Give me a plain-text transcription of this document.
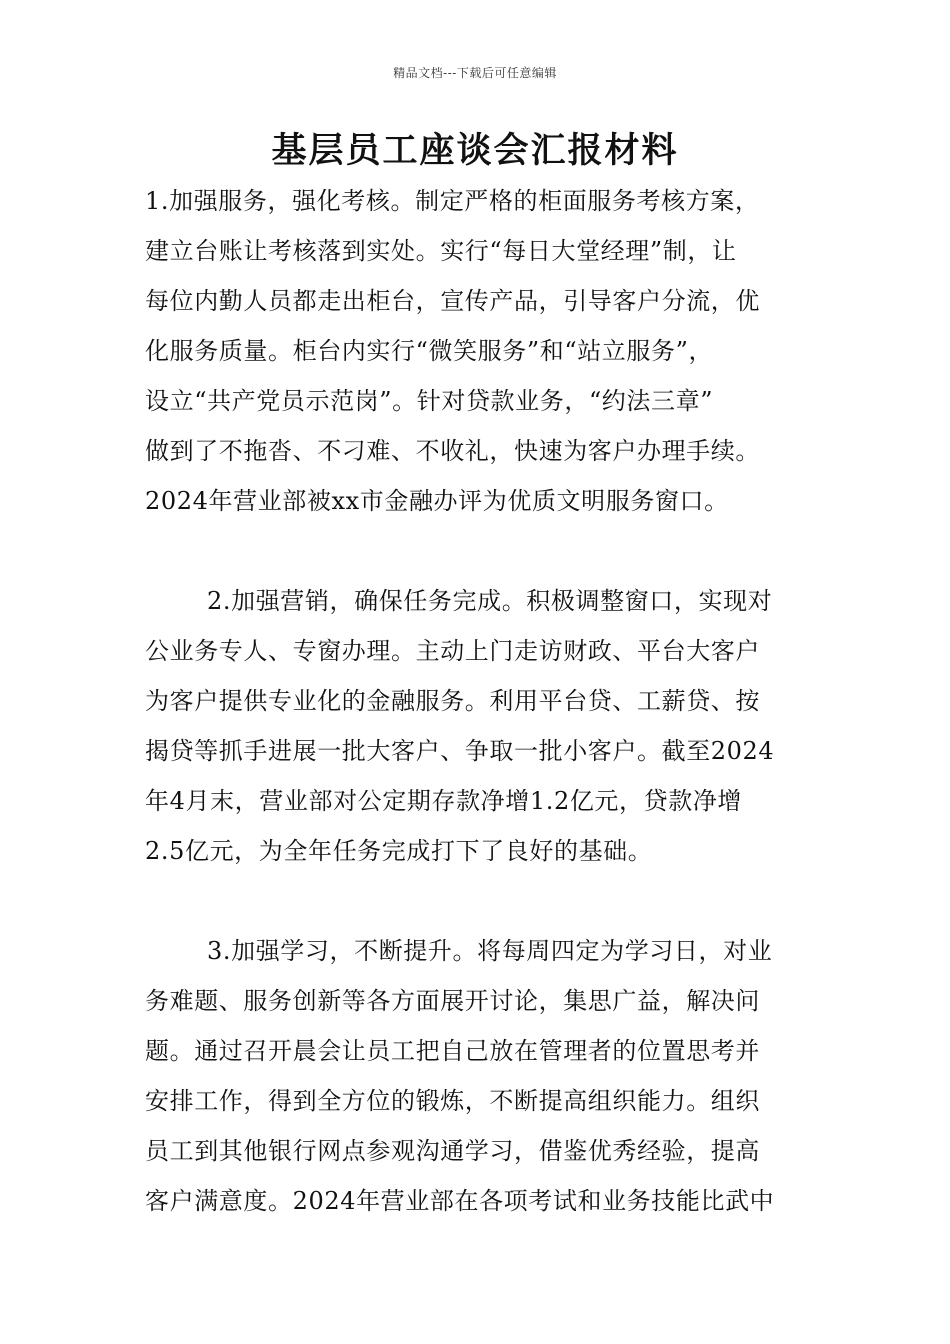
精品文档---下载后可任意编辑
基层员工座谈会汇报材料
1.加强服务，强化考核。制定严格的柜面服务考核方案，
建立台账让考核落到实处。实行“每日大堂经理”制，让
每位内勤人员都走出柜台，宣传产品，引导客户分流，优
化服务质量。柜台内实行“微笑服务”和“站立服务”，
设立“共产党员示范岗”。针对贷款业务，“约法三章”
做到了不拖沓、不刁难、不收礼，快速为客户办理手续。
2024年营业部被xx市金融办评为优质文明服务窗口。
2.加强营销，确保任务完成。积极调整窗口，实现对
公业务专人、专窗办理。主动上门走访财政、平台大客户
为客户提供专业化的金融服务。利用平台贷、工薪贷、按
揭贷等抓手进展一批大客户、争取一批小客户。截至2024
年4月末，营业部对公定期存款净增1.2亿元，贷款净增
2.5亿元，为全年任务完成打下了良好的基础。
3.加强学习，不断提升。将每周四定为学习日，对业
务难题、服务创新等各方面展开讨论，集思广益，解决问
题。通过召开晨会让员工把自己放在管理者的位置思考并
安排工作，得到全方位的锻炼，不断提高组织能力。组织
员工到其他银行网点参观沟通学习，借鉴优秀经验，提高
客户满意度。2024年营业部在各项考试和业务技能比武中
